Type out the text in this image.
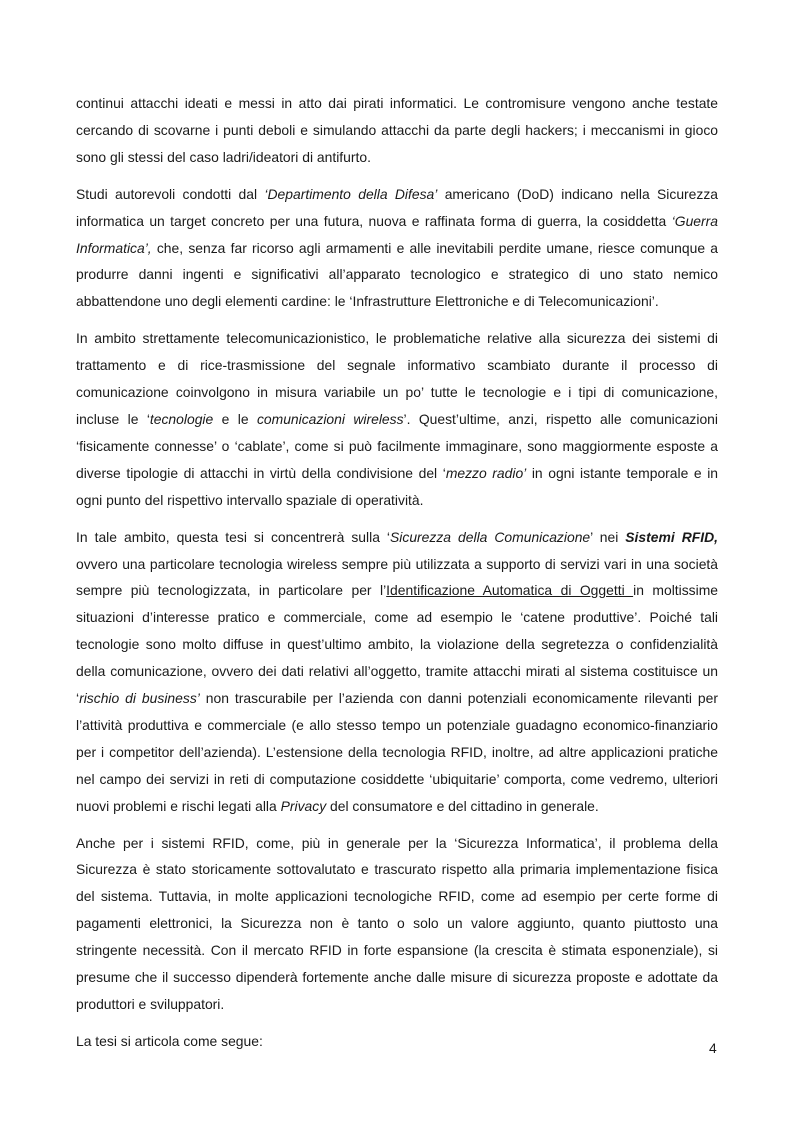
continui attacchi ideati e messi in atto dai pirati informatici. Le contromisure vengono anche testate cercando di scovarne i punti deboli e simulando attacchi da parte degli hackers; i meccanismi in gioco sono gli stessi del caso ladri/ideatori di antifurto.

Studi autorevoli condotti dal ‘Departimento della Difesa’ americano (DoD) indicano nella Sicurezza informatica un target concreto per una futura, nuova e raffinata forma di guerra, la cosiddetta ‘Guerra Informatica’, che, senza far ricorso agli armamenti e alle inevitabili perdite umane, riesce comunque a produrre danni ingenti e significativi all’apparato tecnologico e strategico di uno stato nemico abbattendone uno degli elementi cardine: le ‘Infrastrutture Elettroniche e di Telecomunicazioni’.

In ambito strettamente telecomunicazionistico, le problematiche relative alla sicurezza dei sistemi di trattamento e di rice-trasmissione del segnale informativo scambiato durante il processo di comunicazione coinvolgono in misura variabile un po’ tutte le tecnologie e i tipi di comunicazione, incluse le ‘tecnologie e le comunicazioni wireless’. Quest’ultime, anzi, rispetto alle comunicazioni ‘fisicamente connesse’ o ‘cablate’, come si può facilmente immaginare, sono maggiormente esposte a diverse tipologie di attacchi in virtù della condivisione del ‘mezzo radio’ in ogni istante temporale e in ogni punto del rispettivo intervallo spaziale di operatività.

In tale ambito, questa tesi si concentrerà sulla ‘Sicurezza della Comunicazione’ nei Sistemi RFID, ovvero una particolare tecnologia wireless sempre più utilizzata a supporto di servizi vari in una società sempre più tecnologizzata, in particolare per l’Identificazione Automatica di Oggetti in moltissime situazioni d’interesse pratico e commerciale, come ad esempio le ‘catene produttive’. Poiché tali tecnologie sono molto diffuse in quest’ultimo ambito, la violazione della segretezza o confidenzialità della comunicazione, ovvero dei dati relativi all’oggetto, tramite attacchi mirati al sistema costituisce un ‘rischio di business’ non trascurabile per l’azienda con danni potenziali economicamente rilevanti per l’attività produttiva e commerciale (e allo stesso tempo un potenziale guadagno economico-finanziario per i competitor dell’azienda). L’estensione della tecnologia RFID, inoltre, ad altre applicazioni pratiche nel campo dei servizi in reti di computazione cosiddette ‘ubiquitarie’ comporta, come vedremo, ulteriori nuovi problemi e rischi legati alla Privacy del consumatore e del cittadino in generale.

Anche per i sistemi RFID, come, più in generale per la ‘Sicurezza Informatica’, il problema della Sicurezza è stato storicamente sottovalutato e trascurato rispetto alla primaria implementazione fisica del sistema. Tuttavia, in molte applicazioni tecnologiche RFID, come ad esempio per certe forme di pagamenti elettronici, la Sicurezza non è tanto o solo un valore aggiunto, quanto piuttosto una stringente necessità. Con il mercato RFID in forte espansione (la crescita è stimata esponenziale), si presume che il successo dipenderà fortemente anche dalle misure di sicurezza proposte e adottate da produttori e sviluppatori.

La tesi si articola come segue:	4
